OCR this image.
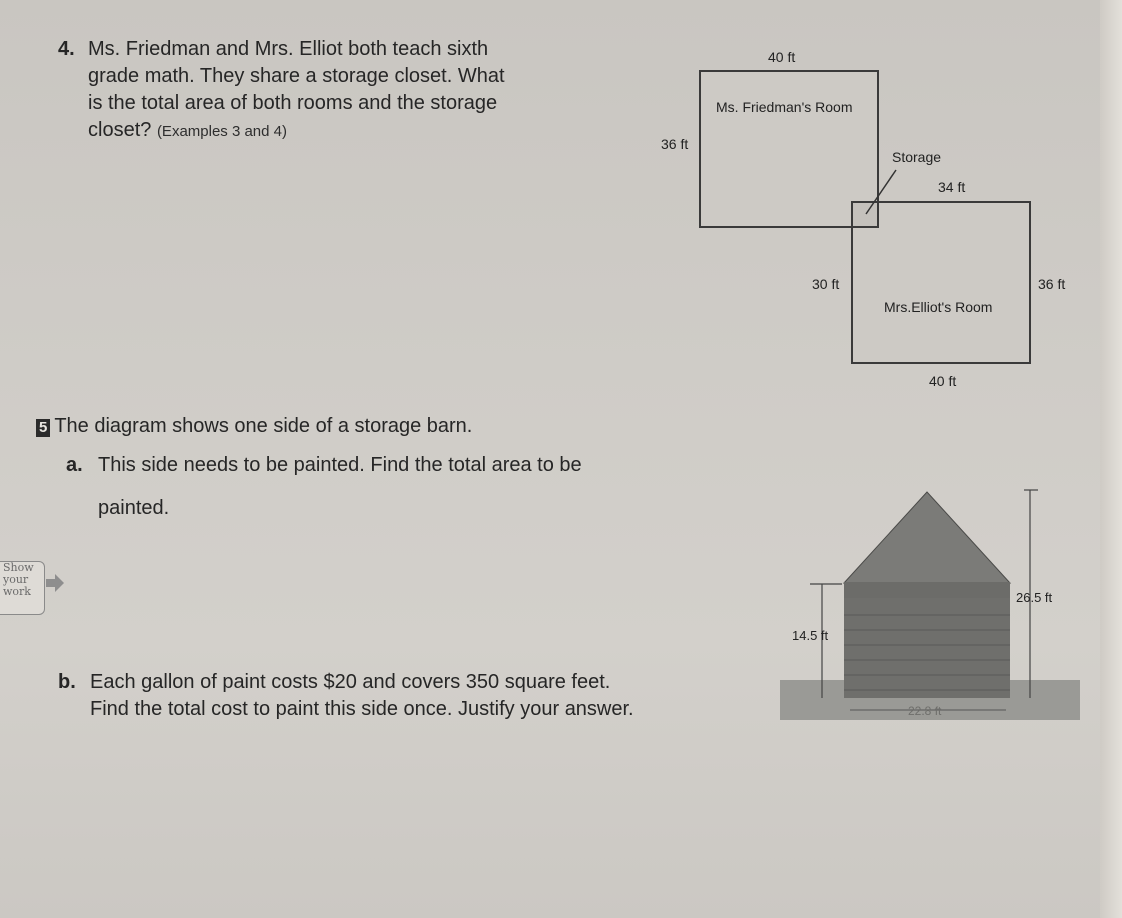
4. Ms. Friedman and Mrs. Elliot both teach sixth
grade math. They share a storage closet. What
is the total area of both rooms and the storage
closet? (Examples 3 and 4)
40 ft
Ms. Friedman's Room
36 ft
Storage
34 ft
30 ft	36 ft
Mrs.Elliot's Room
40 ft
5 The diagram shows one side of a storage barn.
a. This side needs to be painted. Find the total area to be
painted.
Show
your
work
b. Each gallon of paint costs $20 and covers 350 square feet.
Find the total cost to paint this side once. Justify your answer.
26.5 ft
14.5 ft
22.8 ft
